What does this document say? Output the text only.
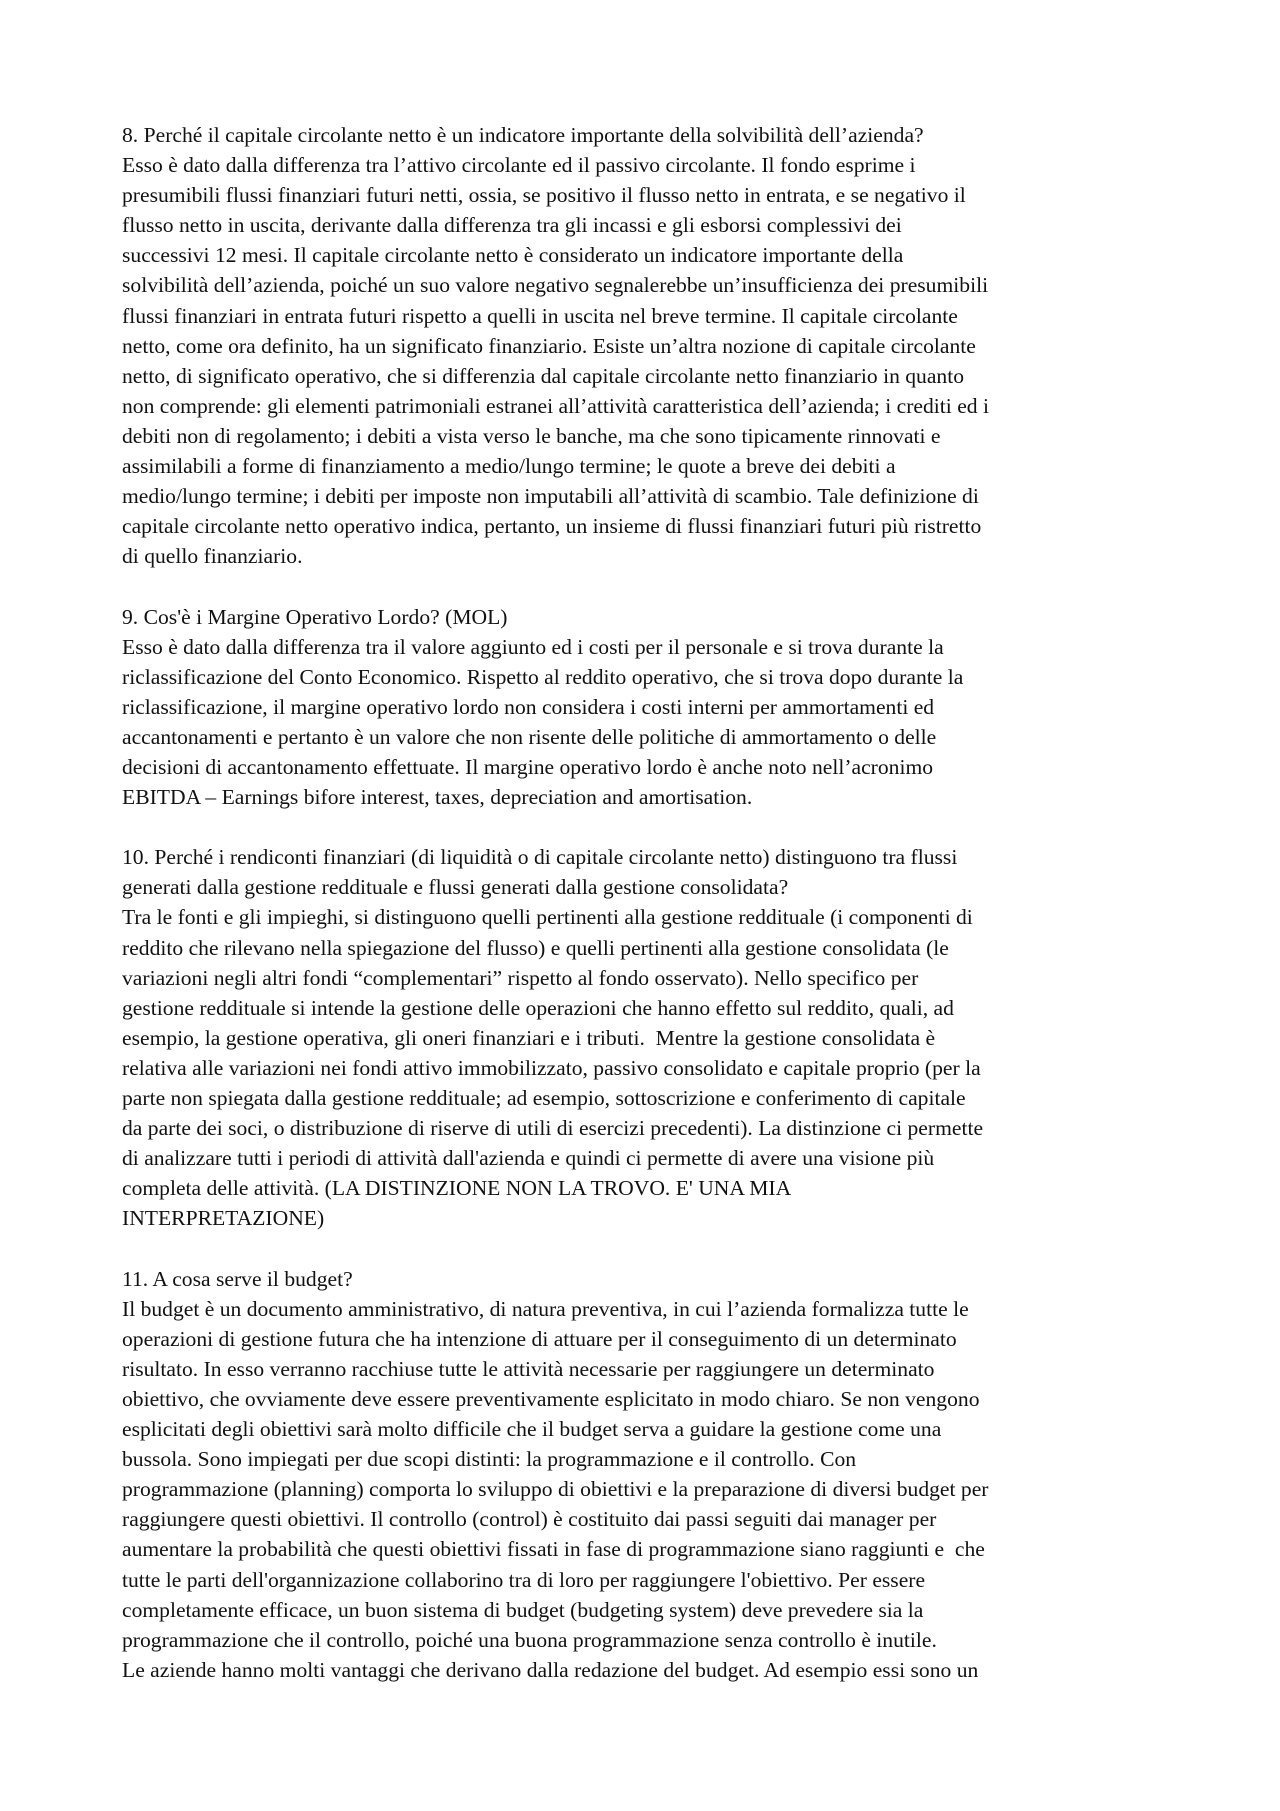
8. Perché il capitale circolante netto è un indicatore importante della solvibilità dell’azienda?
Esso è dato dalla differenza tra l’attivo circolante ed il passivo circolante. Il fondo esprime i
presumibili flussi finanziari futuri netti, ossia, se positivo il flusso netto in entrata, e se negativo il
flusso netto in uscita, derivante dalla differenza tra gli incassi e gli esborsi complessivi dei
successivi 12 mesi. Il capitale circolante netto è considerato un indicatore importante della
solvibilità dell’azienda, poiché un suo valore negativo segnalerebbe un’insufficienza dei presumibili
flussi finanziari in entrata futuri rispetto a quelli in uscita nel breve termine. Il capitale circolante
netto, come ora definito, ha un significato finanziario. Esiste un’altra nozione di capitale circolante
netto, di significato operativo, che si differenzia dal capitale circolante netto finanziario in quanto
non comprende: gli elementi patrimoniali estranei all’attività caratteristica dell’azienda; i crediti ed i
debiti non di regolamento; i debiti a vista verso le banche, ma che sono tipicamente rinnovati e
assimilabili a forme di finanziamento a medio/lungo termine; le quote a breve dei debiti a
medio/lungo termine; i debiti per imposte non imputabili all’attività di scambio. Tale definizione di
capitale circolante netto operativo indica, pertanto, un insieme di flussi finanziari futuri più ristretto
di quello finanziario.
9. Cos'è i Margine Operativo Lordo? (MOL)
Esso è dato dalla differenza tra il valore aggiunto ed i costi per il personale e si trova durante la
riclassificazione del Conto Economico. Rispetto al reddito operativo, che si trova dopo durante la
riclassificazione, il margine operativo lordo non considera i costi interni per ammortamenti ed
accantonamenti e pertanto è un valore che non risente delle politiche di ammortamento o delle
decisioni di accantonamento effettuate. Il margine operativo lordo è anche noto nell’acronimo
EBITDA – Earnings bifore interest, taxes, depreciation and amortisation.
10. Perché i rendiconti finanziari (di liquidità o di capitale circolante netto) distinguono tra flussi
generati dalla gestione reddituale e flussi generati dalla gestione consolidata?
Tra le fonti e gli impieghi, si distinguono quelli pertinenti alla gestione reddituale (i componenti di
reddito che rilevano nella spiegazione del flusso) e quelli pertinenti alla gestione consolidata (le
variazioni negli altri fondi “complementari” rispetto al fondo osservato). Nello specifico per
gestione reddituale si intende la gestione delle operazioni che hanno effetto sul reddito, quali, ad
esempio, la gestione operativa, gli oneri finanziari e i tributi.  Mentre la gestione consolidata è
relativa alle variazioni nei fondi attivo immobilizzato, passivo consolidato e capitale proprio (per la
parte non spiegata dalla gestione reddituale; ad esempio, sottoscrizione e conferimento di capitale
da parte dei soci, o distribuzione di riserve di utili di esercizi precedenti). La distinzione ci permette
di analizzare tutti i periodi di attività dall'azienda e quindi ci permette di avere una visione più
completa delle attività. (LA DISTINZIONE NON LA TROVO. E' UNA MIA
INTERPRETAZIONE)
11. A cosa serve il budget?
Il budget è un documento amministrativo, di natura preventiva, in cui l’azienda formalizza tutte le
operazioni di gestione futura che ha intenzione di attuare per il conseguimento di un determinato
risultato. In esso verranno racchiuse tutte le attività necessarie per raggiungere un determinato
obiettivo, che ovviamente deve essere preventivamente esplicitato in modo chiaro. Se non vengono
esplicitati degli obiettivi sarà molto difficile che il budget serva a guidare la gestione come una
bussola. Sono impiegati per due scopi distinti: la programmazione e il controllo. Con
programmazione (planning) comporta lo sviluppo di obiettivi e la preparazione di diversi budget per
raggiungere questi obiettivi. Il controllo (control) è costituito dai passi seguiti dai manager per
aumentare la probabilità che questi obiettivi fissati in fase di programmazione siano raggiunti e  che
tutte le parti dell'organnizazione collaborino tra di loro per raggiungere l'obiettivo. Per essere
completamente efficace, un buon sistema di budget (budgeting system) deve prevedere sia la
programmazione che il controllo, poiché una buona programmazione senza controllo è inutile.
Le aziende hanno molti vantaggi che derivano dalla redazione del budget. Ad esempio essi sono un
